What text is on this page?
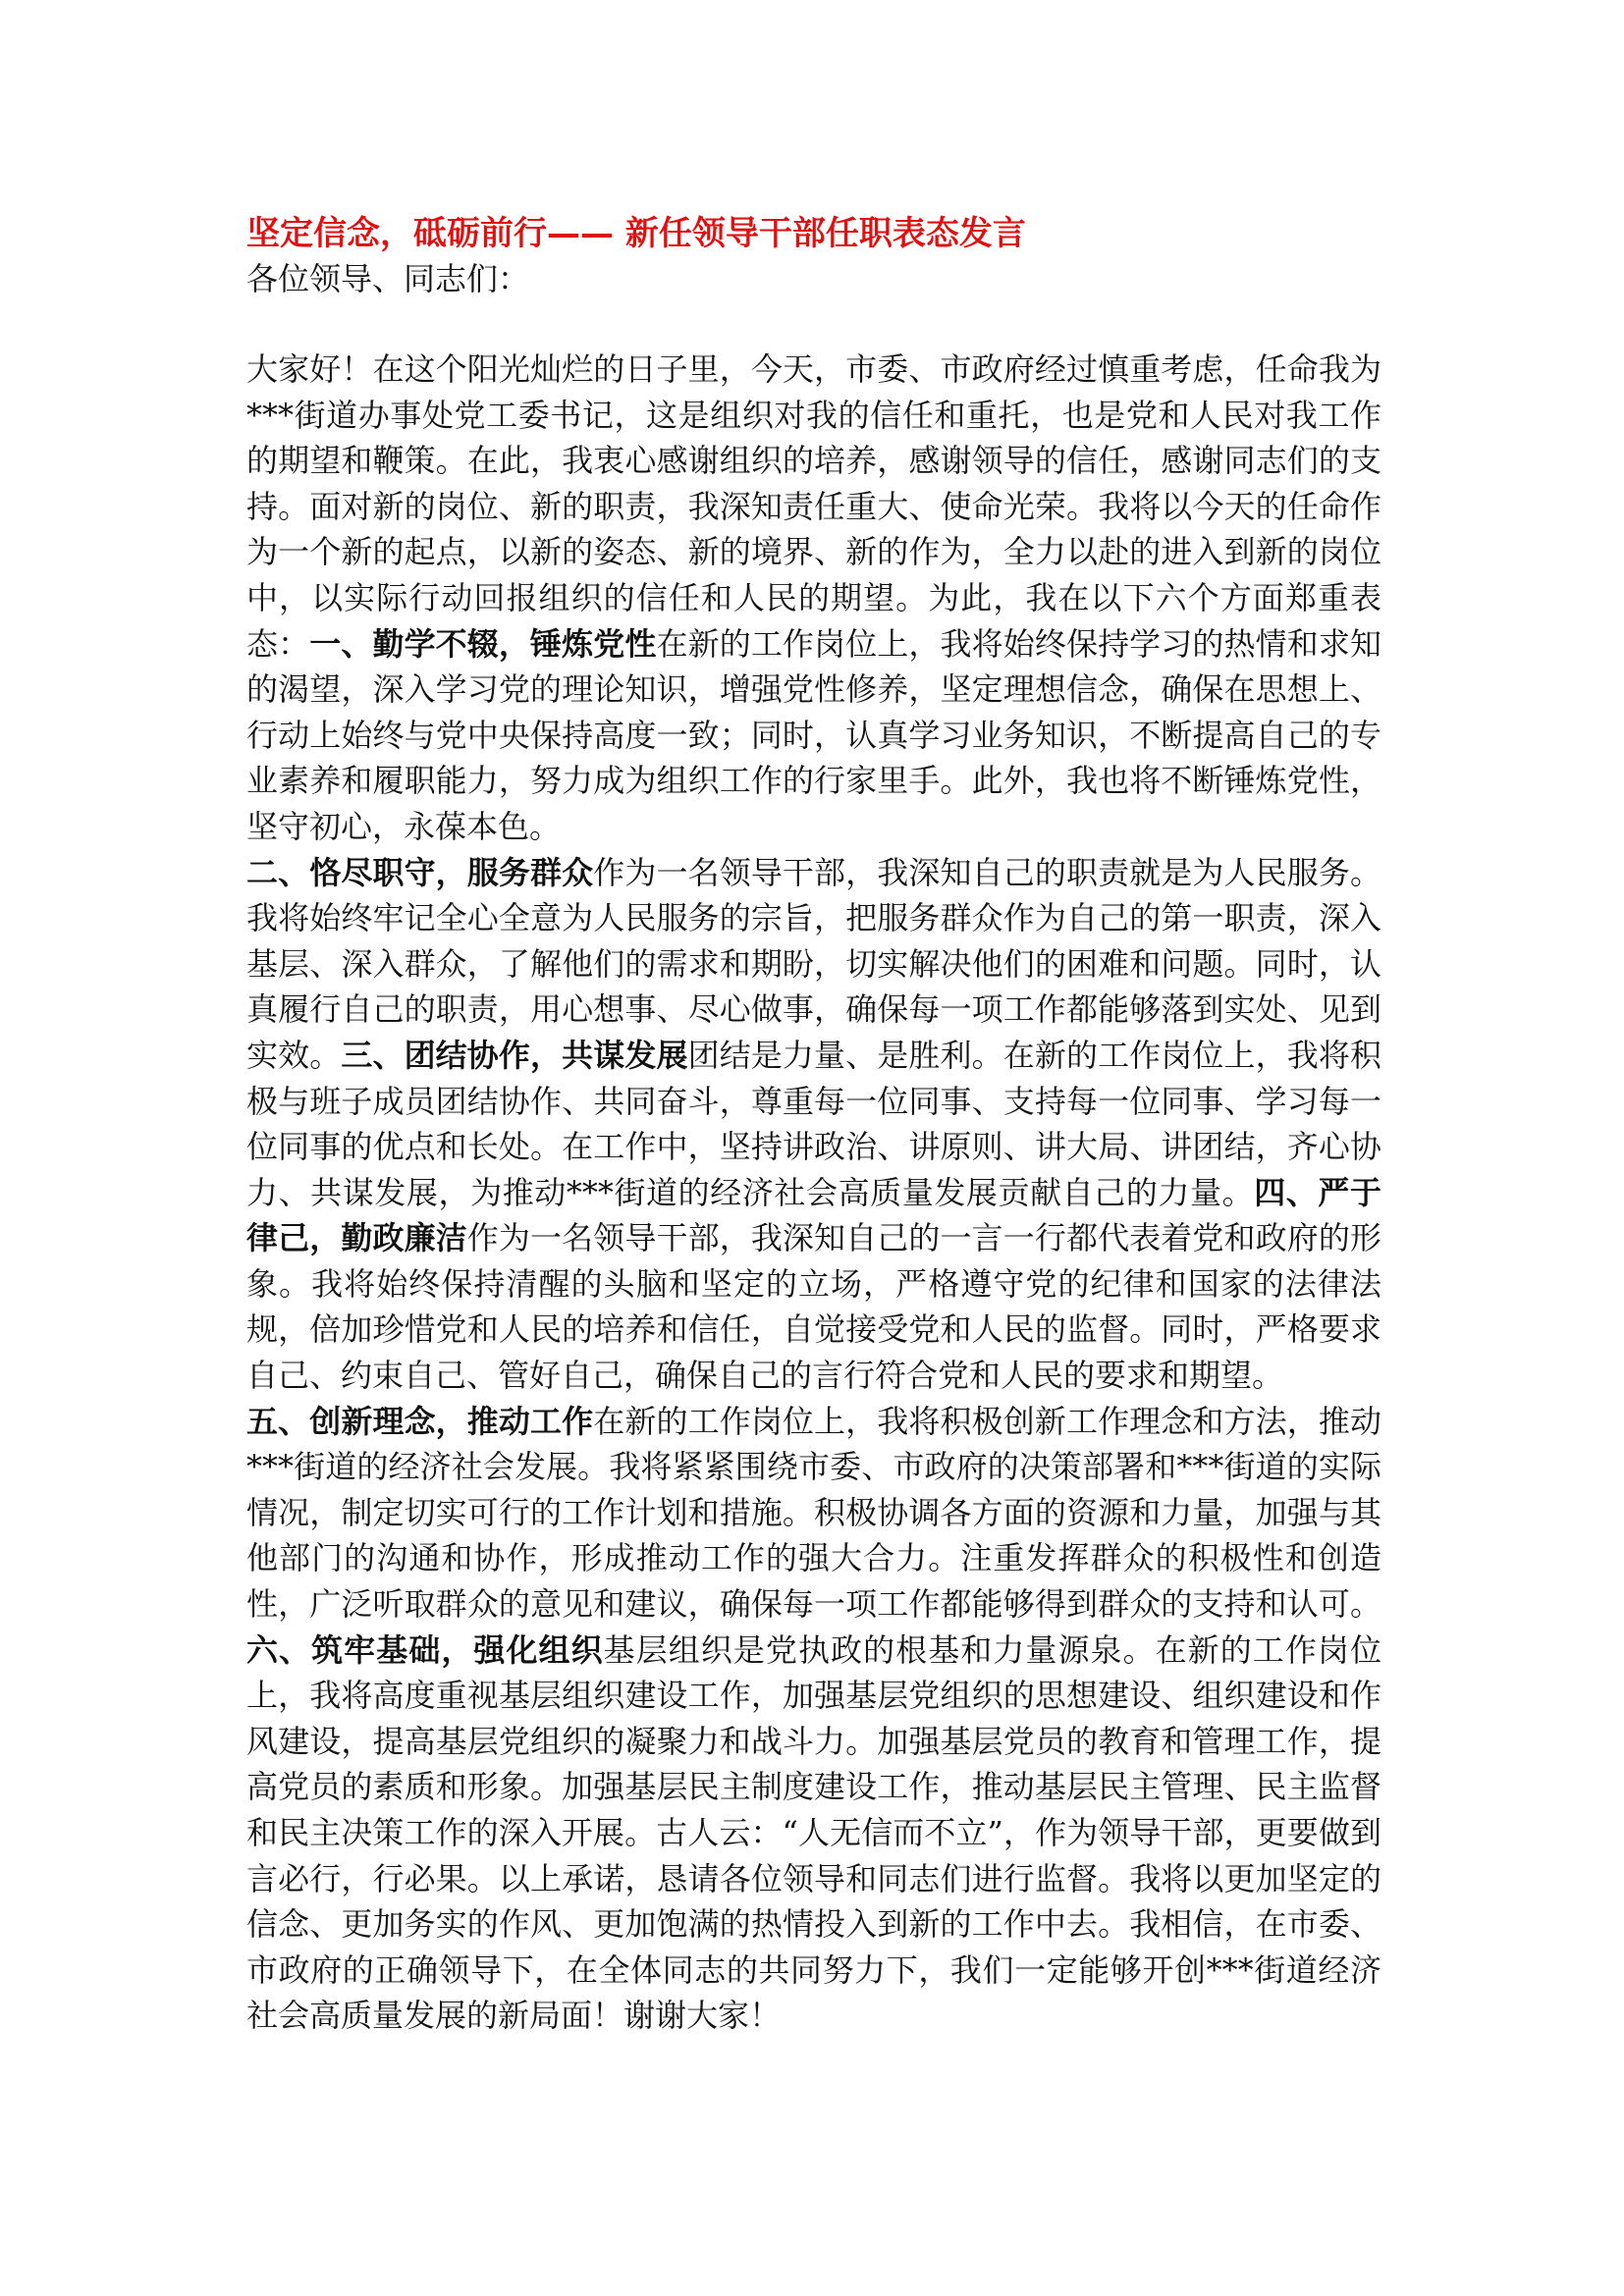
坚定信念，砥砺前行—— 新任领导干部任职表态发言

各位领导、同志们：

大家好！在这个阳光灿烂的日子里，今天，市委、市政府经过慎重考虑，任命我为***街道办事处党工委书记，这是组织对我的信任和重托，也是党和人民对我工作的期望和鞭策。在此，我衷心感谢组织的培养，感谢领导的信任，感谢同志们的支持。面对新的岗位、新的职责，我深知责任重大、使命光荣。我将以今天的任命作为一个新的起点，以新的姿态、新的境界、新的作为，全力以赴的进入到新的岗位中，以实际行动回报组织的信任和人民的期望。为此，我在以下六个方面郑重表态：一、勤学不辍，锤炼党性在新的工作岗位上，我将始终保持学习的热情和求知的渴望，深入学习党的理论知识，增强党性修养，坚定理想信念，确保在思想上、行动上始终与党中央保持高度一致；同时，认真学习业务知识，不断提高自己的专业素养和履职能力，努力成为组织工作的行家里手。此外，我也将不断锤炼党性，坚守初心，永葆本色。

二、恪尽职守，服务群众作为一名领导干部，我深知自己的职责就是为人民服务。我将始终牢记全心全意为人民服务的宗旨，把服务群众作为自己的第一职责，深入基层、深入群众，了解他们的需求和期盼，切实解决他们的困难和问题。同时，认真履行自己的职责，用心想事、尽心做事，确保每一项工作都能够落到实处、见到实效。三、团结协作，共谋发展团结是力量、是胜利。在新的工作岗位上，我将积极与班子成员团结协作、共同奋斗，尊重每一位同事、支持每一位同事、学习每一位同事的优点和长处。在工作中，坚持讲政治、讲原则、讲大局、讲团结，齐心协力、共谋发展，为推动***街道的经济社会高质量发展贡献自己的力量。四、严于律己，勤政廉洁作为一名领导干部，我深知自己的一言一行都代表着党和政府的形象。我将始终保持清醒的头脑和坚定的立场，严格遵守党的纪律和国家的法律法规，倍加珍惜党和人民的培养和信任，自觉接受党和人民的监督。同时，严格要求自己、约束自己、管好自己，确保自己的言行符合党和人民的要求和期望。

五、创新理念，推动工作在新的工作岗位上，我将积极创新工作理念和方法，推动***街道的经济社会发展。我将紧紧围绕市委、市政府的决策部署和***街道的实际情况，制定切实可行的工作计划和措施。积极协调各方面的资源和力量，加强与其他部门的沟通和协作，形成推动工作的强大合力。注重发挥群众的积极性和创造性，广泛听取群众的意见和建议，确保每一项工作都能够得到群众的支持和认可。六、筑牢基础，强化组织基层组织是党执政的根基和力量源泉。在新的工作岗位上，我将高度重视基层组织建设工作，加强基层党组织的思想建设、组织建设和作风建设，提高基层党组织的凝聚力和战斗力。加强基层党员的教育和管理工作，提高党员的素质和形象。加强基层民主制度建设工作，推动基层民主管理、民主监督和民主决策工作的深入开展。古人云：“人无信而不立”，作为领导干部，更要做到言必行，行必果。以上承诺，恳请各位领导和同志们进行监督。我将以更加坚定的信念、更加务实的作风、更加饱满的热情投入到新的工作中去。我相信，在市委、市政府的正确领导下，在全体同志的共同努力下，我们一定能够开创***街道经济社会高质量发展的新局面！谢谢大家！
